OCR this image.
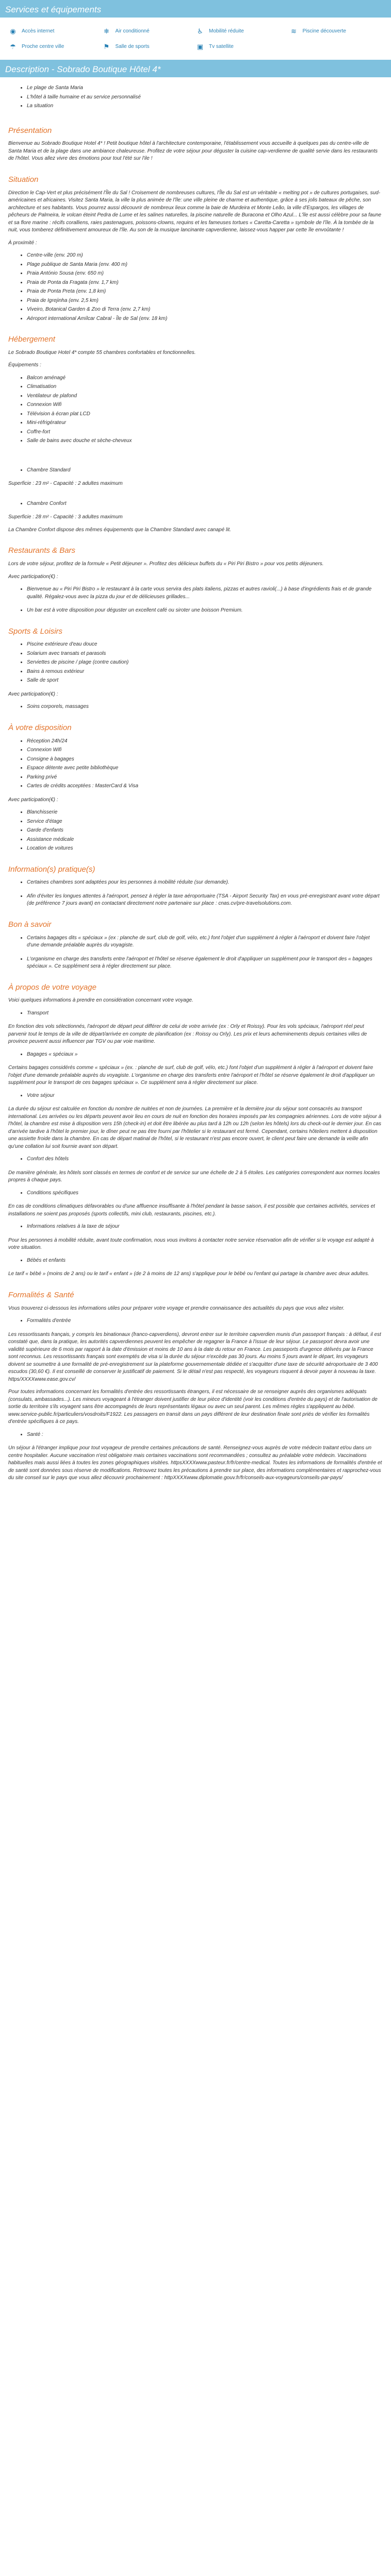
Services et équipements
◉	Accès internet	❄	Air conditionné	♿	Mobilité réduite	≋	Piscine découverte
☂	Proche centre ville	⚑	Salle de sports	▣ Tv satellite
Description - Sobrado Boutique Hôtel 4*
• Le plage de Santa Maria
• L'hôtel à taille humaine et au service personnalisé
• La situation
Présentation

Bienvenue au Sobrado Boutique Hotel 4* ! Petit boutique hôtel à l'architecture contemporaine, l'établissement vous accueille à quelques pas du centre-ville de Santa Maria et de la plage dans une ambiance chaleureuse. Profitez de votre séjour pour déguster la cuisine cap-verdienne de qualité servie dans les restaurants de l'hôtel. Vous allez vivre des émotions pour tout l'été sur l'ile !

Situation

Direction le Cap-Vert et plus précisément l'Île du Sal ! Croisement de nombreuses cultures, l'Île du Sal est un véritable « melting pot » de cultures portugaises, sud-américaines et africaines. Visitez Santa Maria, la ville la plus animée de l'île: une ville pleine de charme et authentique, grâce à ses jolis bateaux de pêche, son architecture et ses habitants. Vous pourrez aussi découvrir de nombreux lieux comme la baie de Murdeira et Monte Leão, la ville d'Espargos, les villages de pêcheurs de Palmeira, le volcan éteint Pedra de Lume et les salines naturelles, la piscine naturelle de Buracona et Olho Azul... L'île est aussi célèbre pour sa faune et sa flore marine : récifs coralliens, raies pastenagues, poissons-clowns, requins et les fameuses tortues « Caretta-Caretta » symbole de l'île. À la tombée de la nuit, vous tomberez définitivement amoureux de l'île. Au son de la musique lancinante capverdienne, laissez-vous happer par cette île envoûtante !

À proximité :

• Centre-ville (env. 200 m)
• Plage publique de Santa Maria (env. 400 m)
• Praia António Sousa (env. 650 m)
• Praia de Ponta da Fragata (env. 1,7 km)
• Praia de Ponta Preta (env. 1,8 km)
• Praia de Igrejinha (env. 2,5 km)
• Viveiro, Botanical Garden & Zoo di Terra (env. 2,7 km)
• Aéroport international Amílcar Cabral - Île de Sal (env. 18 km)
Hébergement

Le Sobrado Boutique Hotel 4* compte 55 chambres confortables et fonctionnelles.

Équipements :

• Balcon aménagé
• Climatisation
• Ventilateur de plafond
• Connexion Wifi
• Télévision à écran plat LCD
• Mini-réfrigérateur
• Coffre-fort
• Salle de bains avec douche et sèche-cheveux
• Chambre Standard

Superficie : 23 m² - Capacité : 2 adultes maximum

• Chambre Confort

Superficie : 28 m² - Capacité : 3 adultes maximum

La Chambre Confort dispose des mêmes équipements que la Chambre Standard avec canapé lit.

Restaurants & Bars

Lors de votre séjour, profitez de la formule « Petit déjeuner ». Profitez des délicieux buffets du « Piri Piri Bistro » pour vos petits déjeuners.

Avec participation(€) :

• Bienvenue au « Piri Piri Bistro » le restaurant à la carte vous servira des plats italiens, pizzas et autres ravioli(...) à base d'ingrédients frais et de grande qualité. Régalez-vous avec la pizza du jour et de délicieuses grillades...
• Un bar est à votre disposition pour déguster un excellent café ou siroter une boisson Premium.
Sports & Loisirs
• Piscine extérieure d'eau douce
• Solarium avec transats et parasols
• Serviettes de piscine / plage (contre caution)
• Bains à remous extérieur
• Salle de sport

Avec participation(€) :

• Soins corporels, massages
À votre disposition
• Réception 24h/24
• Connexion Wifi
• Consigne à bagages
• Espace détente avec petite bibliothèque
• Parking privé
• Cartes de crédits acceptées : MasterCard & Visa

Avec participation(€) :

• Blanchisserie
• Service d'étage
• Garde d'enfants
• Assistance médicale
• Location de voitures
Information(s) pratique(s)
• Certaines chambres sont adaptées pour les personnes à mobilité réduite (sur demande).
• Afin d'éviter les longues attentes à l'aéroport, pensez à régler la taxe aéroportuaire (TSA - Airport Security Tax) en vous pré-enregistrant avant votre départ (de préférence 7 jours avant) en contactant directement notre partenaire sur place : cnas.cv/pre-travelsolutions.com.
Bon à savoir
• Certains bagages dits « spéciaux » (ex : planche de surf, club de golf, vélo, etc.) font l'objet d'un supplément à régler à l'aéroport et doivent faire l'objet d'une demande préalable auprès du voyagiste.
• L'organisme en charge des transferts entre l'aéroport et l'hôtel se réserve également le droit d'appliquer un supplément pour le transport des « bagages spéciaux ». Ce supplément sera à régler directement sur place.
À propos de votre voyage

Voici quelques informations à prendre en considération concernant votre voyage.

• Transport

En fonction des vols sélectionnés, l'aéroport de départ peut différer de celui de votre arrivée (ex : Orly et Roissy). Pour les vols spéciaux, l'aéroport réel peut parvenir tout le temps de la ville de départ/arrivée en compte de planification (ex : Roissy ou Orly). Les prix et leurs acheminements depuis certaines villes de province peuvent aussi influencer par TGV ou par voie maritime.

• Bagages « spéciaux »

Certains bagages considérés comme « spéciaux » (ex. : planche de surf, club de golf, vélo, etc.) font l'objet d'un supplément à régler à l'aéroport et doivent faire l'objet d'une demande préalable auprès du voyagiste. L'organisme en charge des transferts entre l'aéroport et l'hôtel se réserve également le droit d'appliquer un supplément pour le transport de ces bagages spéciaux ». Ce supplément sera à régler directement sur place.

• Votre séjour

La durée du séjour est calculée en fonction du nombre de nuitées et non de journées. La première et la dernière jour du séjour sont consacrés au transport international. Les arrivées ou les départs peuvent avoir lieu en cours de nuit en fonction des horaires imposés par les compagnies aériennes. Lors de votre séjour à l'hôtel, la chambre est mise à disposition vers 15h (check-in) et doit être libérée au plus tard à 12h ou 12h (selon les hôtels) lors du check-out le dernier jour. En cas d'arrivée tardive à l'hôtel le premier jour, le dîner peut ne pas être fourni par l'hôtelier si le restaurant est fermé. Cependant, certains hôteliers mettent à disposition une assiette froide dans la chambre. En cas de départ matinal de l'hôtel, si le restaurant n'est pas encore ouvert, le client peut faire une demande la veille afin qu'une collation lui soit fournie avant son départ.

• Confort des hôtels

De manière générale, les hôtels sont classés en termes de confort et de service sur une échelle de 2 à 5 étoiles. Les catégories correspondent aux normes locales propres à chaque pays.

• Conditions spécifiques

En cas de conditions climatiques défavorables ou d'une affluence insuffisante à l'hôtel pendant la basse saison, il est possible que certaines activités, services et installations ne soient pas proposés (sports collectifs, mini club, restaurants, piscines, etc.).

• Informations relatives à la taxe de séjour

Pour les personnes à mobilité réduite, avant toute confirmation, nous vous invitons à contacter notre service réservation afin de vérifier si le voyage est adapté à votre situation.

• Bébés et enfants

Le tarif « bébé » (moins de 2 ans) ou le tarif « enfant » (de 2 à moins de 12 ans) s'applique pour le bébé ou l'enfant qui partage la chambre avec deux adultes.

Formalités & Santé

Vous trouverez ci-dessous les informations utiles pour préparer votre voyage et prendre connaissance des actualités du pays que vous allez visiter.

• Formalités d'entrée

Les ressortissants français, y compris les binationaux (franco-capverdiens), devront entrer sur le territoire capverdien munis d'un passeport français : à défaut, il est constaté que, dans la pratique, les autorités capverdiennes peuvent les empêcher de regagner la France à l'issue de leur séjour. Le passeport devra avoir une validité supérieure de 6 mois par rapport à la date d'émission et moins de 10 ans à la date du retour en France. Les passeports d'urgence délivrés par la France sont reconnus. Les ressortissants français sont exemptés de visa si la durée du séjour n'excède pas 30 jours. Au moins 5 jours avant le départ, les voyageurs doivent se soumettre à une formalité de pré-enregistrement sur la plateforme gouvernementale dédiée et s'acquitter d'une taxe de sécurité aéroportuaire de 3 400 escudos (30,60 €). Il est conseillé de conserver le justificatif de paiement. Si le détail n'est pas respecté, les voyageurs risquent à devoir payer à nouveau la taxe. https/XXXXwww.ease.gov.cv/

Pour toutes informations concernant les formalités d'entrée des ressortissants étrangers, il est nécessaire de se renseigner auprès des organismes adéquats (consulats, ambassades...). Les mineurs voyageant à l'étranger doivent justifier de leur pièce d'identité (voir les conditions d'entrée du pays) et de l'autorisation de sortie du territoire s'ils voyagent sans être accompagnés de leurs représentants légaux ou avec un seul parent. Les mêmes règles s'appliquent au bébé. www.service-public.fr/particuliers/vosdroits/F1922. Les passagers en transit dans un pays différent de leur destination finale sont priés de vérifier les formalités d'entrée spécifiques à ce pays.

• Santé :

Un séjour à l'étranger implique pour tout voyageur de prendre certaines précautions de santé. Renseignez-vous auprès de votre médecin traitant et/ou dans un centre hospitalier. Aucune vaccination n'est obligatoire mais certaines vaccinations sont recommandées ; consultez au préalable votre médecin. Vaccinations habituelles mais aussi liées à toutes les zones géographiques visitées. httpsXXXXwww.pasteur.fr/fr/centre-medical. Toutes les informations de formalités d'entrée et de santé sont données sous réserve de modifications. Retrouvez toutes les précautions à prendre sur place, des informations complémentaires et rapprochez-vous du site conseil sur le pays que vous allez découvrir prochainement : httpXXXXwww.diplomatie.gouv.fr/fr/conseils-aux-voyageurs/conseils-par-pays/
